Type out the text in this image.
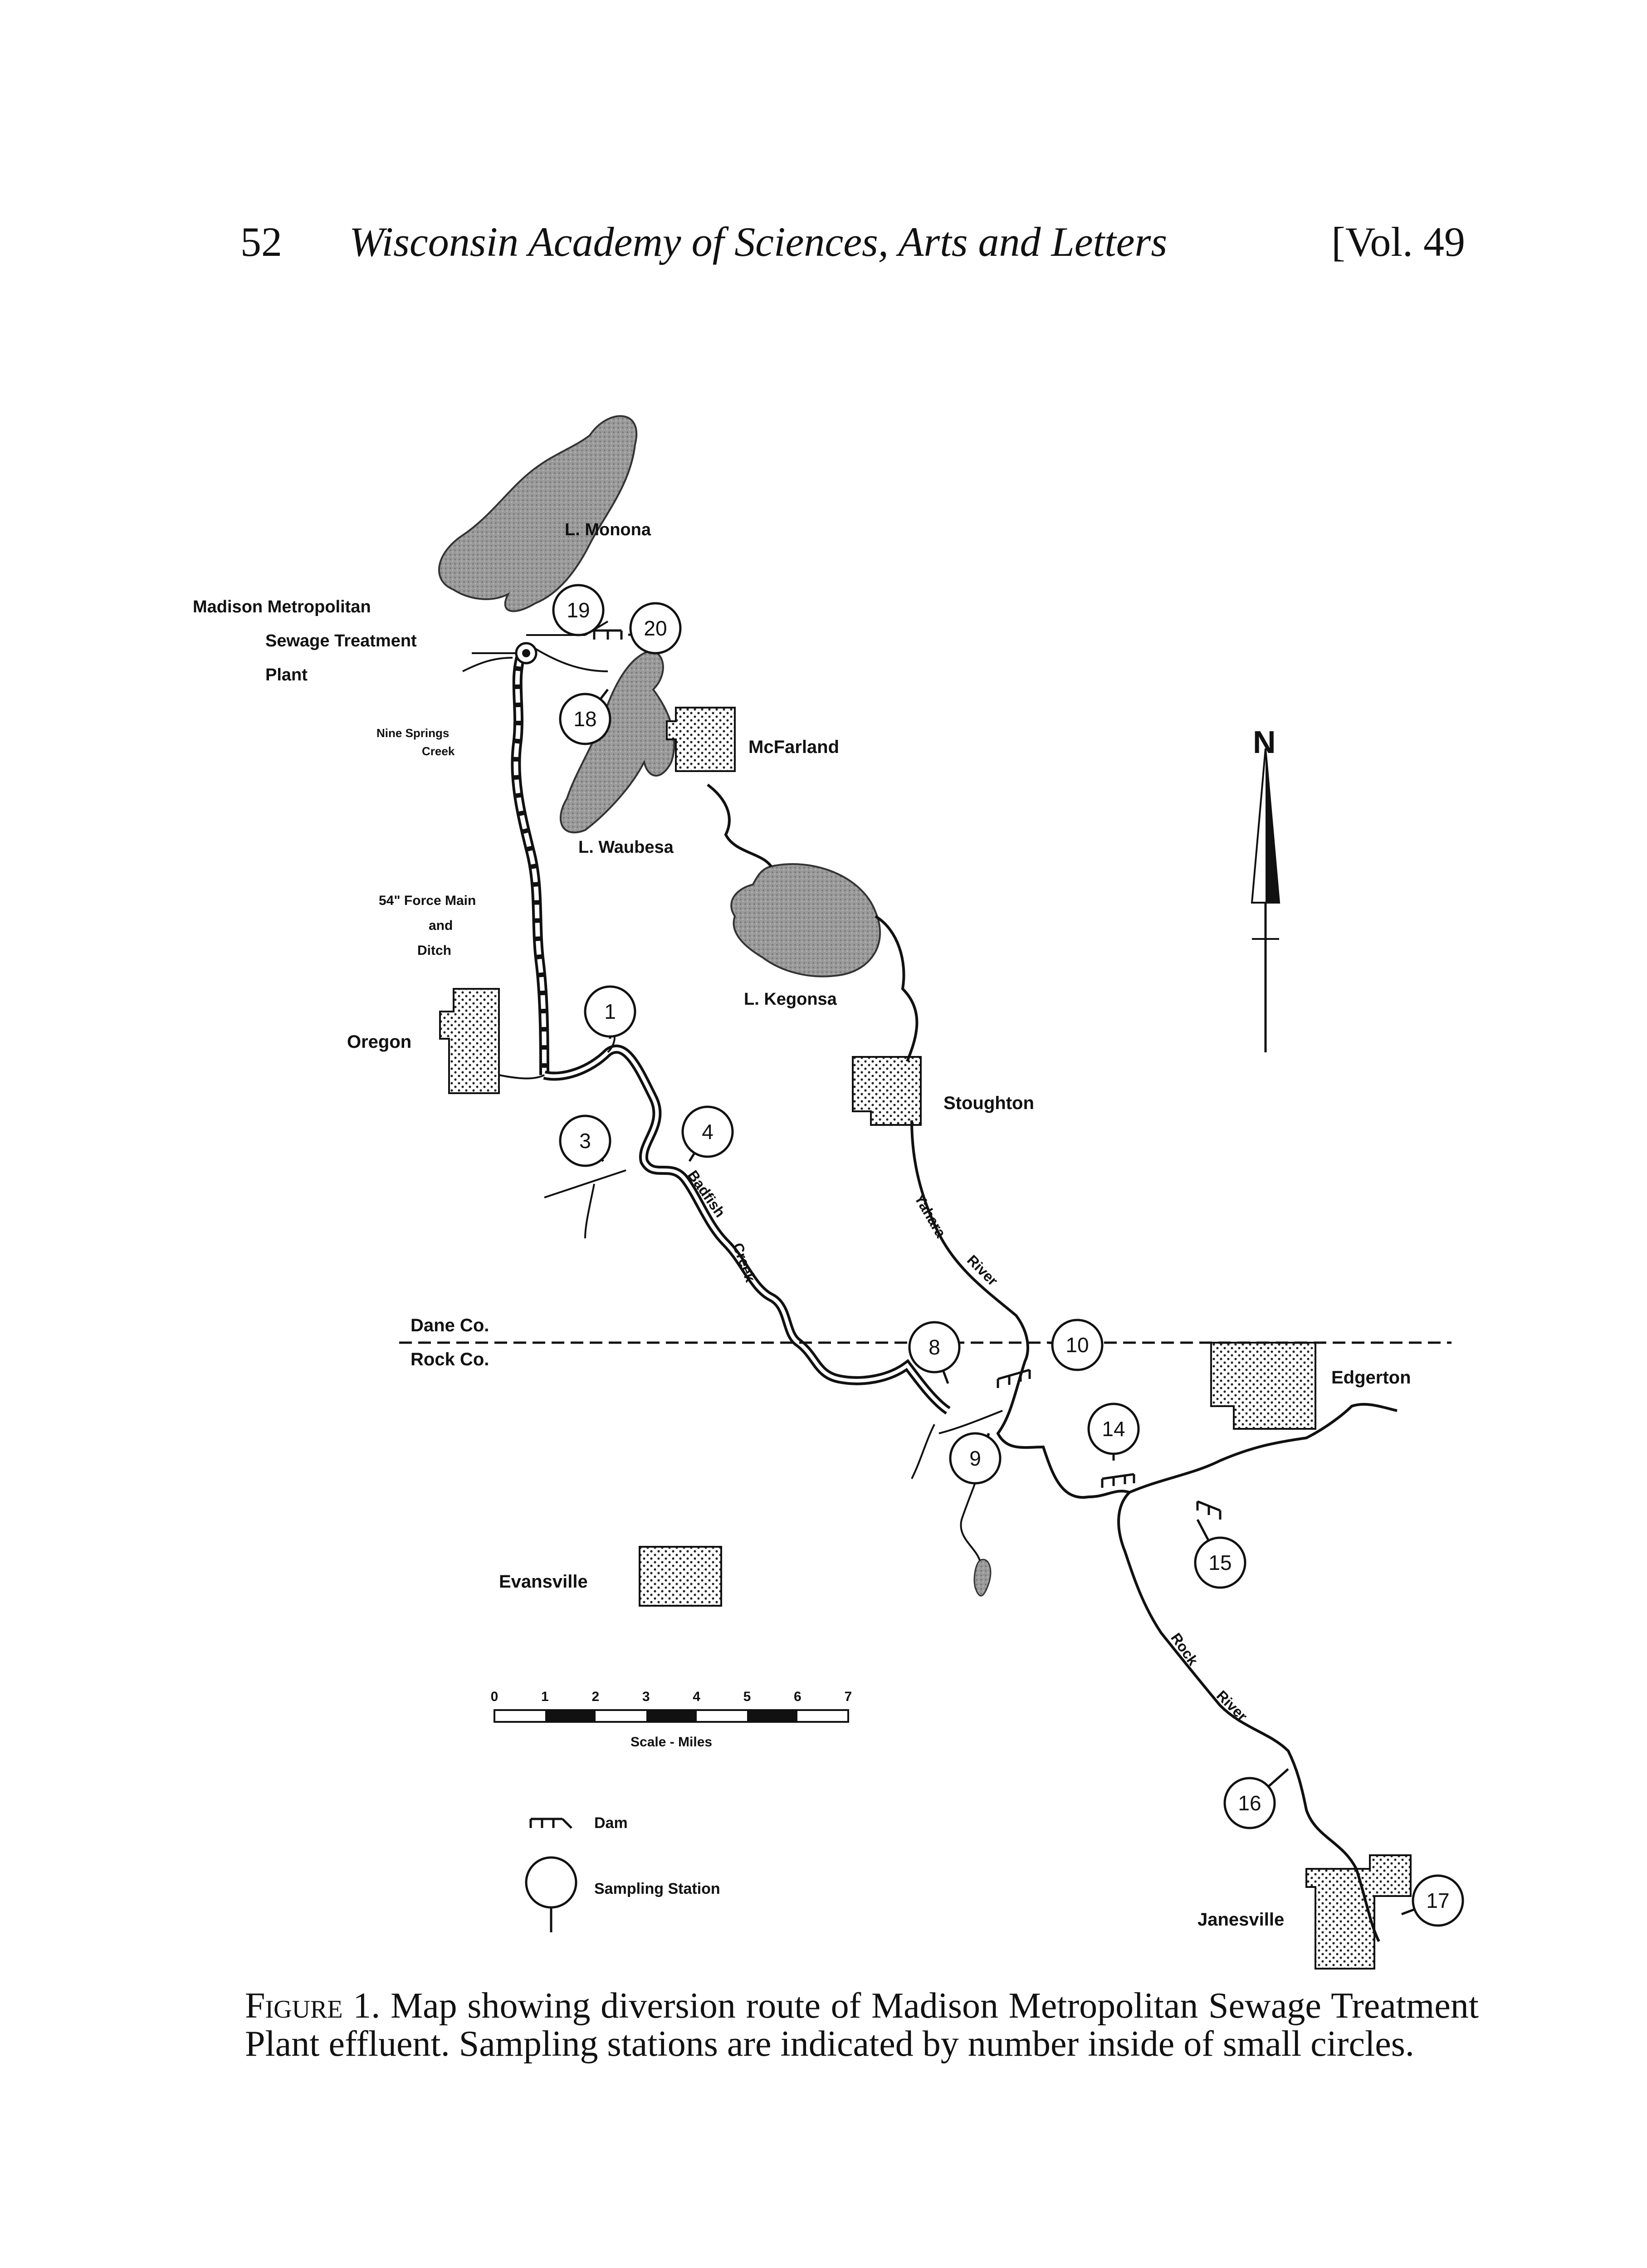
52 Wisconsin Academy of Sciences, Arts and Letters	[Vol. 49
19
20
18
1
3	4
8	10
9
14
15
16
17
0	1	2	3	4	5	6	7
Scale - Miles
Dam
Sampling Station
L. Monona
L. Waubesa
L. Kegonsa
Madison Metropolitan
Sewage Treatment
Plant
Nine Springs
Creek
54" Force Main
and
Ditch
McFarland
Oregon
Stoughton
Edgerton
Evansville
Janesville
Badfish
Creek
Yahara
River
Rock
River
Dane Co.
Rock Co.
N
Figure 1. Map showing diversion route of Madison Metropolitan Sewage Treatment Plant effluent. Sampling stations are indicated by number inside of small circles.
